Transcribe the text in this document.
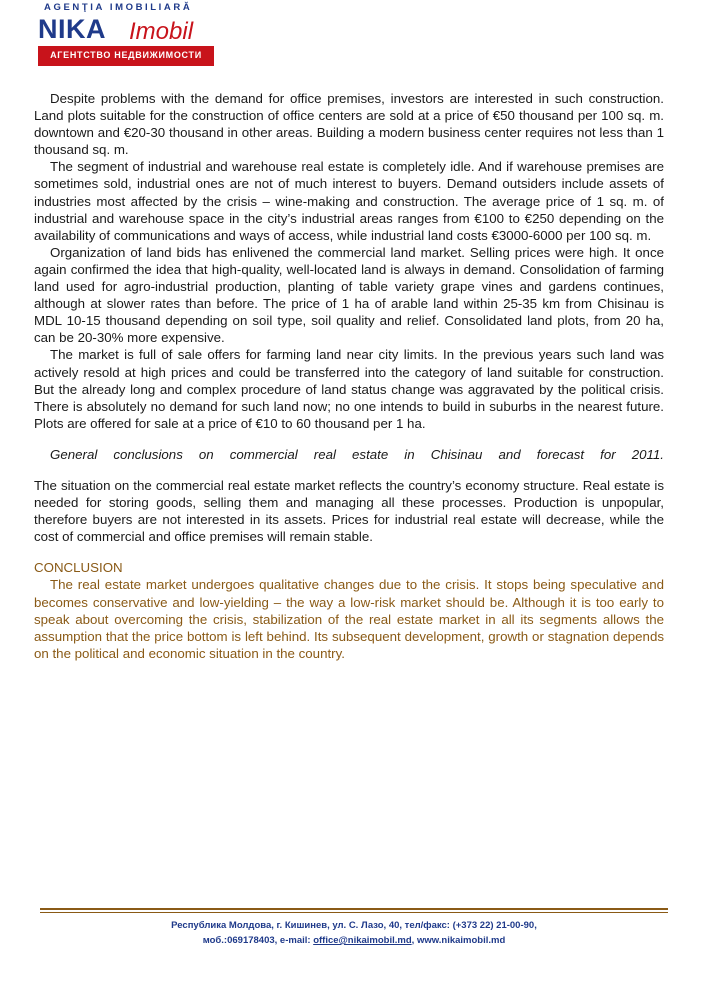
AGENŢIA IMOBILIARĂ
NIKA Imobil
АГЕНТСТВО НЕДВИЖИМОСТИ

Despite problems with the demand for office premises, investors are interested in such construction. Land plots suitable for the construction of office centers are sold at a price of €50 thousand per 100 sq. m. downtown and €20-30 thousand in other areas. Building a modern business center requires not less than 1 thousand sq. m.

The segment of industrial and warehouse real estate is completely idle. And if warehouse premises are sometimes sold, industrial ones are not of much interest to buyers. Demand outsiders include assets of industries most affected by the crisis – wine-making and construction. The average price of 1 sq. m. of industrial and warehouse space in the city’s industrial areas ranges from €100 to €250 depending on the availability of communications and ways of access, while industrial land costs €3000-6000 per 100 sq. m.

Organization of land bids has enlivened the commercial land market. Selling prices were high. It once again confirmed the idea that high-quality, well-located land is always in demand. Consolidation of farming land used for agro-industrial production, planting of table variety grape vines and gardens continues, although at slower rates than before. The price of 1 ha of arable land within 25-35 km from Chisinau is MDL 10-15 thousand depending on soil type, soil quality and relief. Consolidated land plots, from 20 ha, can be 20-30% more expensive.

The market is full of sale offers for farming land near city limits. In the previous years such land was actively resold at high prices and could be transferred into the category of land suitable for construction. But the already long and complex procedure of land status change was aggravated by the political crisis. There is absolutely no demand for such land now; no one intends to build in suburbs in the nearest future. Plots are offered for sale at a price of €10 to 60 thousand per 1 ha.

General conclusions on commercial real estate in Chisinau and forecast for 2011.

The situation on the commercial real estate market reflects the country’s economy structure. Real estate is needed for storing goods, selling them and managing all these processes. Production is unpopular, therefore buyers are not interested in its assets. Prices for industrial real estate will decrease, while the cost of commercial and office premises will remain stable.

CONCLUSION

The real estate market undergoes qualitative changes due to the crisis. It stops being speculative and becomes conservative and low-yielding – the way a low-risk market should be. Although it is too early to speak about overcoming the crisis, stabilization of the real estate market in all its segments allows the assumption that the price bottom is left behind. Its subsequent development, growth or stagnation depends on the political and economic situation in the country.

Республика Молдова, г. Кишинев, ул. С. Лазо, 40, тел/факс: (+373 22) 21-00-90,
моб.:069178403, e-mail: office@nikaimobil.md, www.nikaimobil.md
